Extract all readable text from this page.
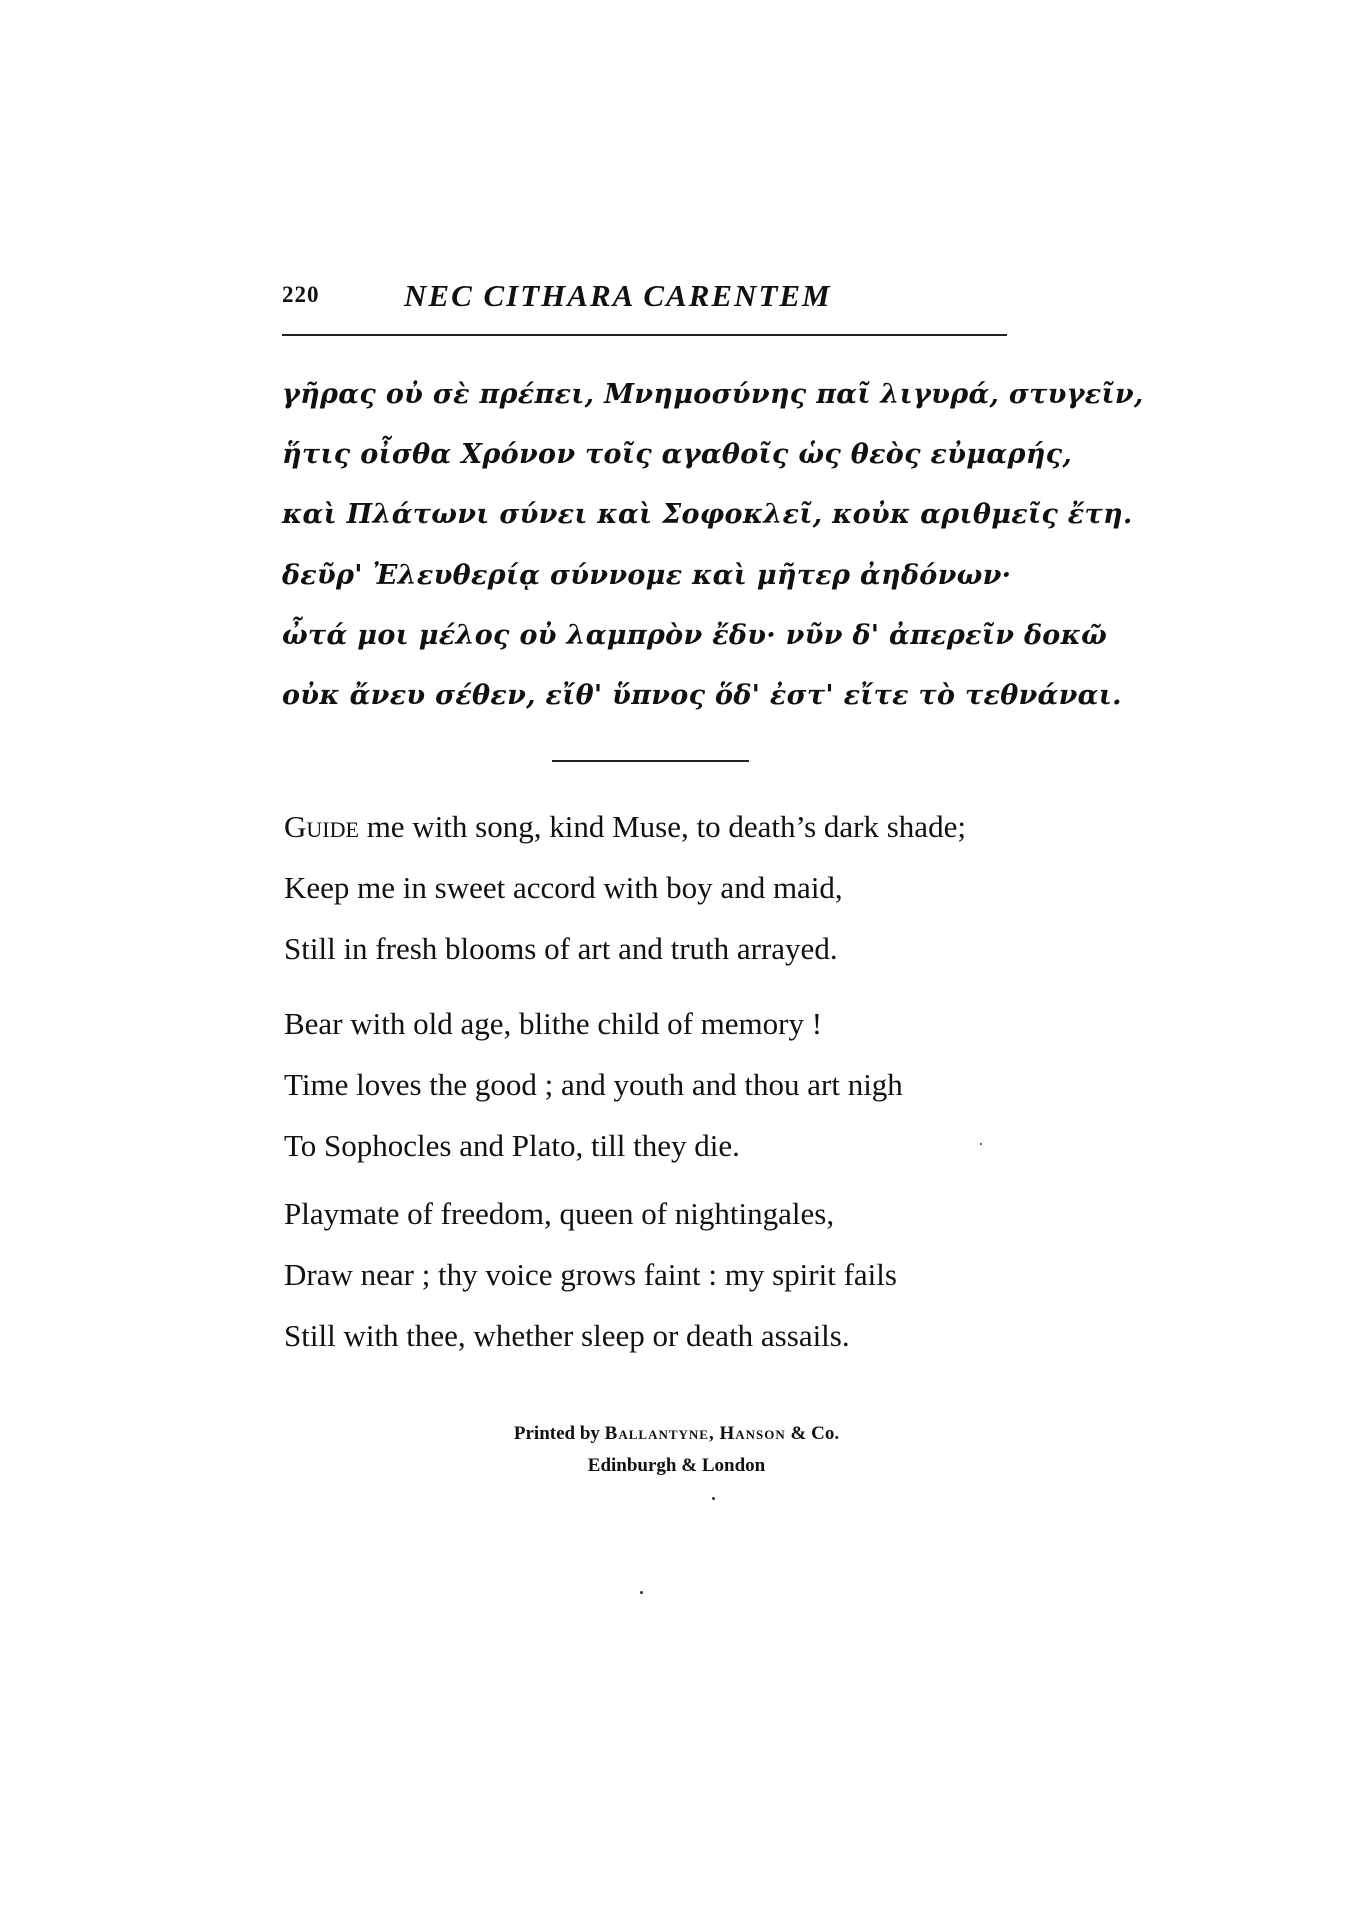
220	NEC CITHARA CARENTEM
γῆρας οὐ σὲ πρέπει, Μνημοσύνης παῖ λιγυρά, στυγεῖν,
ἥτις οἶσθα Χρόνον τοῖς αγαθοῖς ὡς θεὸς εὐμαρής,
καὶ Πλάτωνι σύνει καὶ Σοφοκλεῖ, κοὐκ αριθμεῖς ἔτη.
δεῦρ' Ἐλευθερίᾳ σύννομε καὶ μῆτερ ἀηδόνων·
ὦτά μοι μέλος οὐ λαμπρὸν ἔδυ· νῦν δ' ἀπερεῖν δοκῶ
οὐκ ἄνευ σέθεν, εἴθ' ὕπνος ὅδ' ἐστ' εἴτε τὸ τεθνάναι.
Guide me with song, kind Muse, to death’s dark shade;
Keep me in sweet accord with boy and maid,
Still in fresh blooms of art and truth arrayed.
Bear with old age, blithe child of memory !
Time loves the good ; and youth and thou art nigh
To Sophocles and Plato, till they die.
Playmate of freedom, queen of nightingales,
Draw near ; thy voice grows faint : my spirit fails
Still with thee, whether sleep or death assails.
Printed by Ballantyne, Hanson & Co.
Edinburgh & London
